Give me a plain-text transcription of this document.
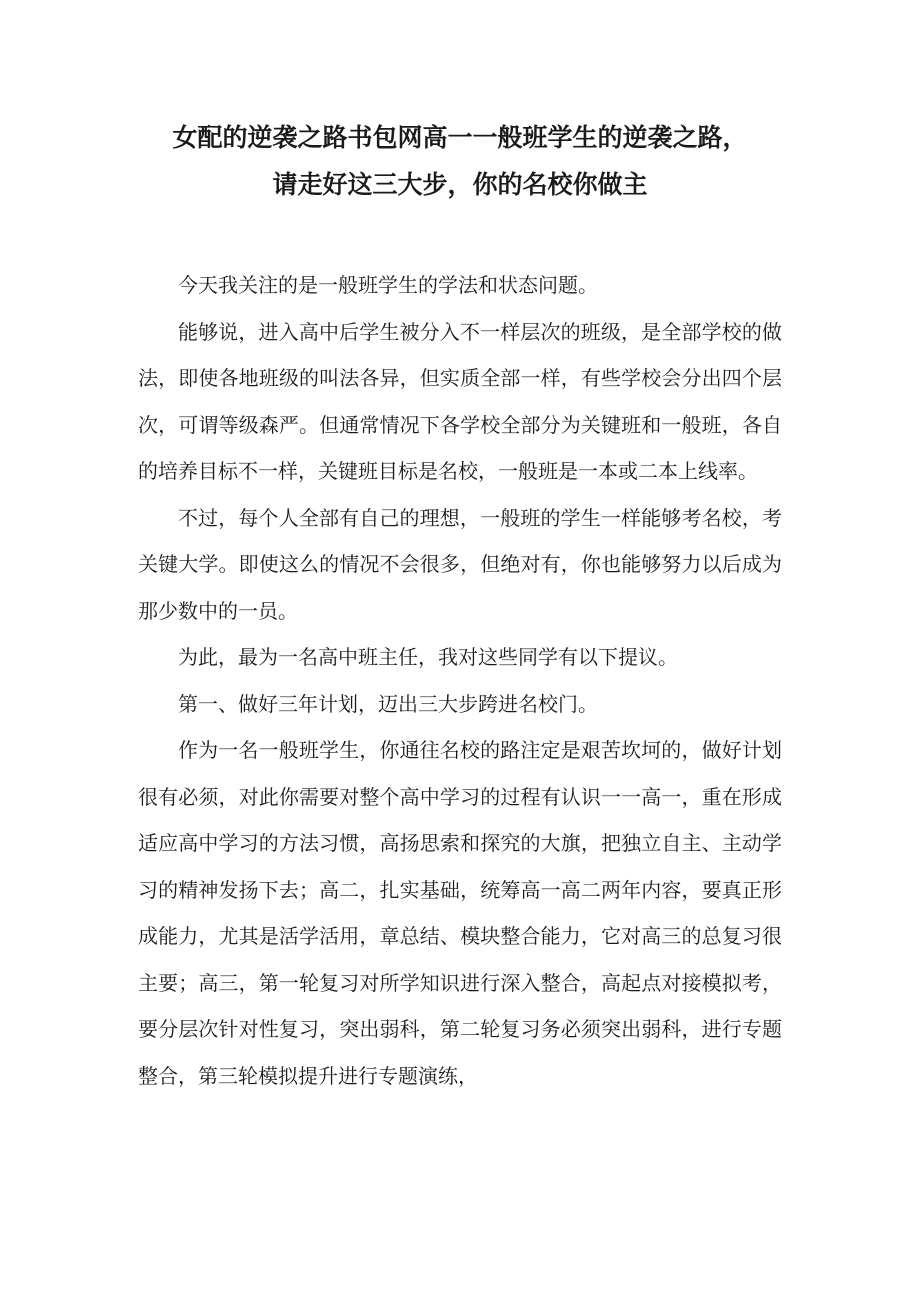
女配的逆袭之路书包网高一一般班学生的逆袭之路，
请走好这三大步，你的名校你做主

今天我关注的是一般班学生的学法和状态问题。

能够说，进入高中后学生被分入不一样层次的班级，是全部学校的做法，即使各地班级的叫法各异，但实质全部一样，有些学校会分出四个层次，可谓等级森严。但通常情况下各学校全部分为关键班和一般班，各自的培养目标不一样，关键班目标是名校，一般班是一本或二本上线率。

不过，每个人全部有自己的理想，一般班的学生一样能够考名校，考关键大学。即使这么的情况不会很多，但绝对有，你也能够努力以后成为那少数中的一员。

为此，最为一名高中班主任，我对这些同学有以下提议。

第一、做好三年计划，迈出三大步跨进名校门。

作为一名一般班学生，你通往名校的路注定是艰苦坎坷的，做好计划很有必须，对此你需要对整个高中学习的过程有认识一一高一，重在形成适应高中学习的方法习惯，高扬思索和探究的大旗，把独立自主、主动学习的精神发扬下去；高二，扎实基础，统筹高一高二两年内容，要真正形成能力，尤其是活学活用，章总结、模块整合能力，它对高三的总复习很主要；高三，第一轮复习对所学知识进行深入整合，高起点对接模拟考，要分层次针对性复习，突出弱科，第二轮复习务必须突出弱科，进行专题整合，第三轮模拟提升进行专题演练，
